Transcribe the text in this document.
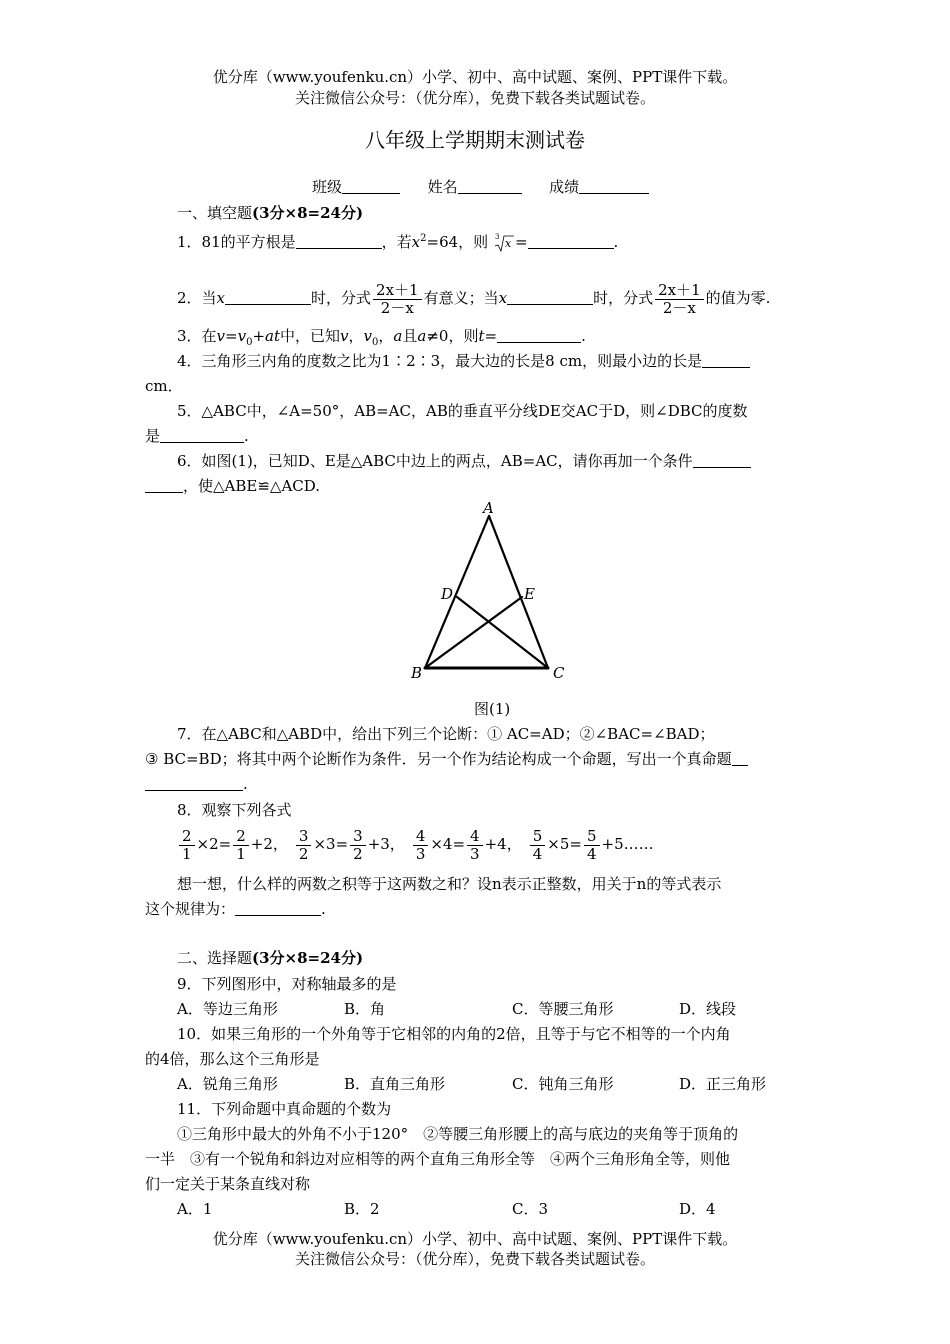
优分库（www.youfenku.cn）小学、初中、高中试题、案例、PPT课件下载。
关注微信公众号：（优分库），免费下载各类试题试卷。
八年级上学期期末测试卷
班级	姓名	成绩
一、填空题(3分×8=24分)
1．81的平方根是	，若$x^2=64$，则 3 x =	.
2．当x	时，分式 $\frac{2x+1}{2-x}$ 有意义；当x	时，分式 $\frac{2x+1}{2-x}$ 的值为零.
3．在$v=v_0+at$中，已知v，$v_0$，a且a≠0，则t=	.
4．三角形三内角的度数之比为1∶2∶3，最大边的长是8 cm，则最小边的长是
cm．
5．△ABC中，∠A=50°，AB=AC，AB的垂直平分线DE交AC于D，则∠DBC的度数
是	.
6．如图(1)，已知D、E是△ABC中边上的两点，AB=AC，请你再加一个条件
，使△ABE≌△ACD.
A
D	E
B	C
图(1)
7．在△ABC和△ABD中，给出下列三个论断：① AC=AD；②∠BAC=∠BAD；
③ BC=BD；将其中两个论断作为条件．另一个作为结论构成一个命题，写出一个真命题
.
8．观察下列各式
$\frac{2}{1} \times 2= \frac{2}{1} +2$， $\frac{3}{2} \times 3= \frac{3}{2} +3$， $\frac{4}{3} \times 4= \frac{4}{3} +4$， $\frac{5}{4} \times 5= \frac{5}{4}$ +5……
想一想，什么样的两数之积等于这两数之和？设n表示正整数，用关于n的等式表示
这个规律为：	.
二、选择题(3分×8=24分)
9．下列图形中，对称轴最多的是
A．等边三角形	B．角	C．等腰三角形	D．线段
10．如果三角形的一个外角等于它相邻的内角的2倍，且等于与它不相等的一个内角
的4倍，那么这个三角形是
A．锐角三角形	B．直角三角形	C．钝角三角形	D．正三角形
11．下列命题中真命题的个数为
①三角形中最大的外角不小于120°　②等腰三角形腰上的高与底边的夹角等于顶角的
一半　③有一个锐角和斜边对应相等的两个直角三角形全等　④两个三角形角全等，则他
们一定关于某条直线对称
A．1	B．2	C．3	D．4
优分库（www.youfenku.cn）小学、初中、高中试题、案例、PPT课件下载。
关注微信公众号：（优分库），免费下载各类试题试卷。
